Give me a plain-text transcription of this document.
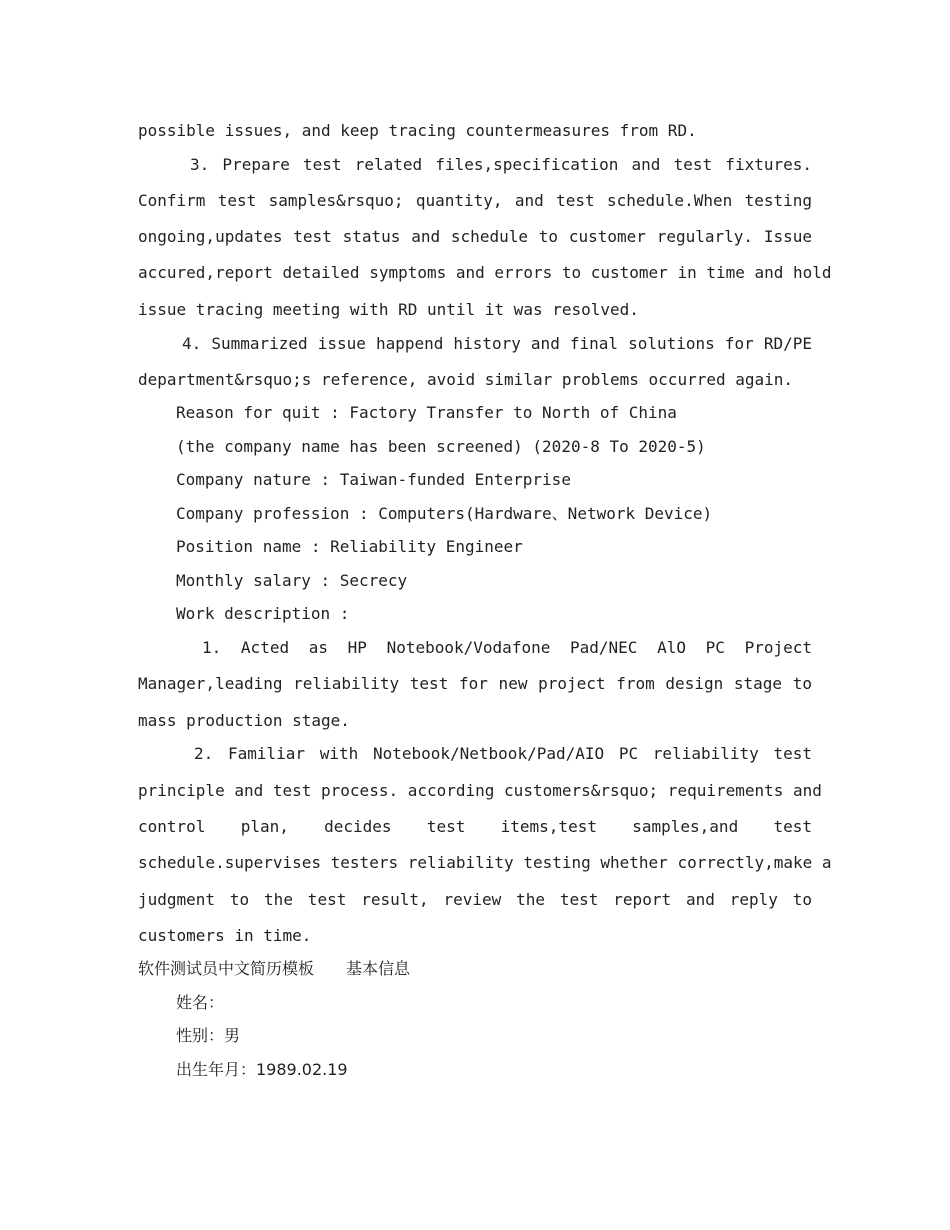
possible issues, and keep tracing countermeasures from RD.
3. Prepare test related files,specification and test fixtures.
Confirm test samples&rsquo; quantity, and test schedule.When testing
ongoing,updates test status and schedule to customer regularly. Issue
accured,report detailed symptoms and errors to customer in time and hold
issue tracing meeting with RD until it was resolved.
4. Summarized issue happend history and final solutions for RD/PE
department&rsquo;s reference, avoid similar problems occurred again.
Reason for quit : Factory Transfer to North of China
(the company name has been screened) (2020-8 To 2020-5)
Company nature : Taiwan-funded Enterprise
Company profession : Computers(Hardware、Network Device)
Position name : Reliability Engineer
Monthly salary : Secrecy
Work description :
1. Acted as HP Notebook/Vodafone Pad/NEC AlO PC Project
Manager,leading reliability test for new project from design stage to
mass production stage.
2. Familiar with Notebook/Netbook/Pad/AIO PC reliability test
principle and test process. according customers&rsquo; requirements and
control plan, decides test items,test samples,and test
schedule.supervises testers reliability testing whether correctly,make a
judgment to the test result, review the test report and reply to
customers in time.
软件测试员中文简历模板　　基本信息
姓名：
性别：男
出生年月：1989.02.19
